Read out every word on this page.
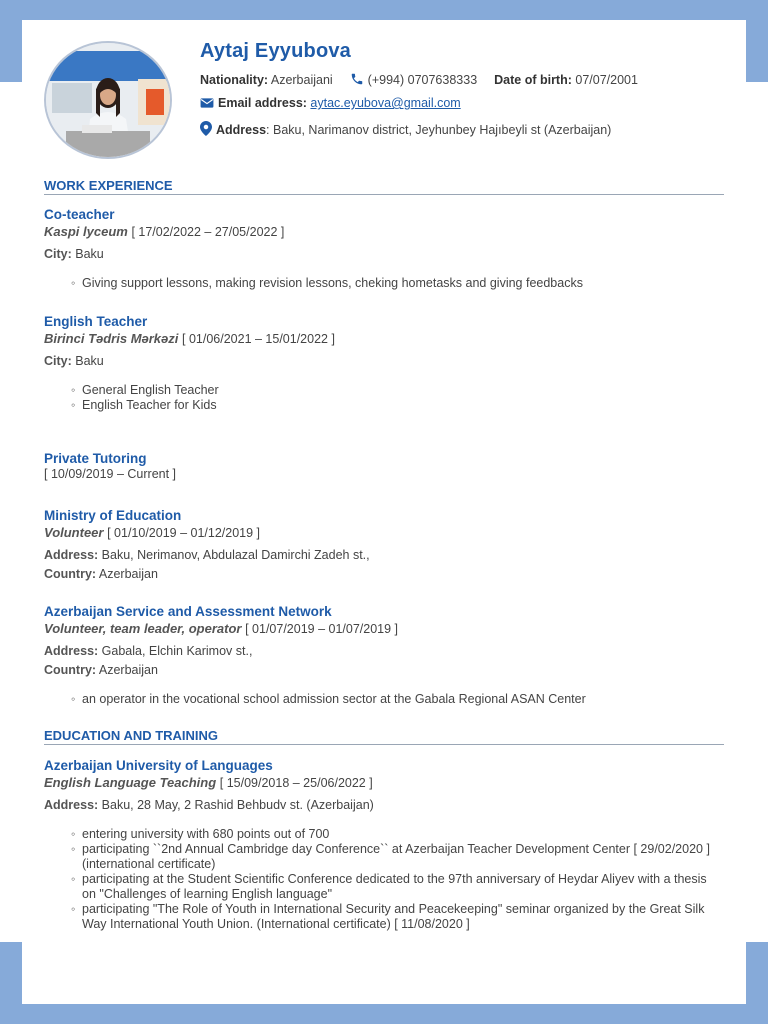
Aytaj Eyyubova
Nationality: Azerbaijani	(+994) 0707638333 Date of birth: 07/07/2001
Email address: aytac.eyubova@gmail.com
Address: Baku, Narimanov district, Jeyhunbey Hajıbeyli st (Azerbaijan)
WORK EXPERIENCE
Co-teacher
Kaspi lyceum [ 17/02/2022 – 27/05/2022 ]
City: Baku
◦ Giving support lessons, making revision lessons, cheking hometasks and giving feedbacks
English Teacher
Birinci Tədris Mərkəzi [ 01/06/2021 – 15/01/2022 ]
City: Baku
◦ General English Teacher
◦ English Teacher for Kids
Private Tutoring
[ 10/09/2019 – Current ]
Ministry of Education
Volunteer [ 01/10/2019 – 01/12/2019 ]
Address: Baku, Nerimanov, Abdulazal Damirchi Zadeh st.,
Country: Azerbaijan
Azerbaijan Service and Assessment Network
Volunteer, team leader, operator [ 01/07/2019 – 01/07/2019 ]
Address: Gabala, Elchin Karimov st.,
Country: Azerbaijan
◦ an operator in the vocational school admission sector at the Gabala Regional ASAN Center
EDUCATION AND TRAINING
Azerbaijan University of Languages
English Language Teaching [ 15/09/2018 – 25/06/2022 ]
Address: Baku, 28 May, 2 Rashid Behbudv st. (Azerbaijan)
◦ entering university with 680 points out of 700
◦ participating ``2nd Annual Cambridge day Conference`` at Azerbaijan Teacher Development Center [ 29/02/2020 ] (international certificate)
◦ participating at the Student Scientific Conference dedicated to the 97th anniversary of Heydar Aliyev with a thesis on "Challenges of learning English language"
◦ participating "The Role of Youth in International Security and Peacekeeping" seminar organized by the Great Silk Way International Youth Union. (International certificate) [ 11/08/2020 ]
